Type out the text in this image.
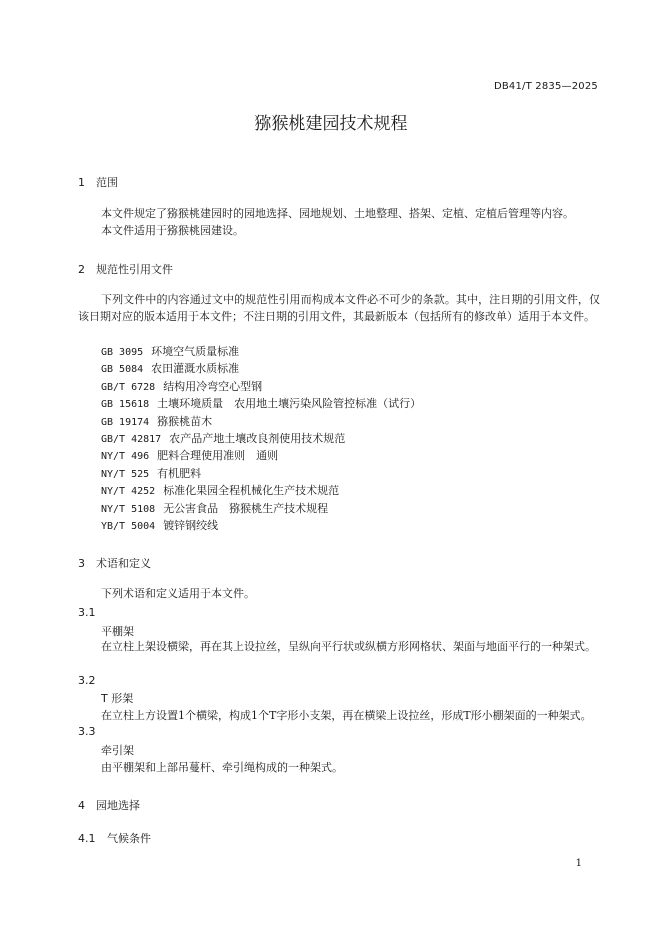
DB41/T 2835—2025
猕猴桃建园技术规程
1 范围
本文件规定了猕猴桃建园时的园地选择、园地规划、土地整理、搭架、定植、定植后管理等内容。
本文件适用于猕猴桃园建设。
2 规范性引用文件
下列文件中的内容通过文中的规范性引用而构成本文件必不可少的条款。其中，注日期的引用文件，仅该日期对应的版本适用于本文件；不注日期的引用文件，其最新版本（包括所有的修改单）适用于本文件。
GB 3095 环境空气质量标准
GB 5084 农田灌溉水质标准
GB/T 6728 结构用冷弯空心型钢
GB 15618 土壤环境质量　农用地土壤污染风险管控标准（试行）
GB 19174 猕猴桃苗木
GB/T 42817 农产品产地土壤改良剂使用技术规范
NY/T 496 肥料合理使用准则　通则
NY/T 525 有机肥料
NY/T 4252 标准化果园全程机械化生产技术规范
NY/T 5108 无公害食品　猕猴桃生产技术规程
YB/T 5004 镀锌钢绞线
3 术语和定义
下列术语和定义适用于本文件。
3.1
平棚架
在立柱上架设横梁，再在其上设拉丝，呈纵向平行状或纵横方形网格状、架面与地面平行的一种架式。
3.2
T 形架
在立柱上方设置1个横梁，构成1个T字形小支架，再在横梁上设拉丝，形成T形小棚架面的一种架式。
3.3
牵引架
由平棚架和上部吊蔓杆、牵引绳构成的一种架式。
4 园地选择
4.1 气候条件
1
